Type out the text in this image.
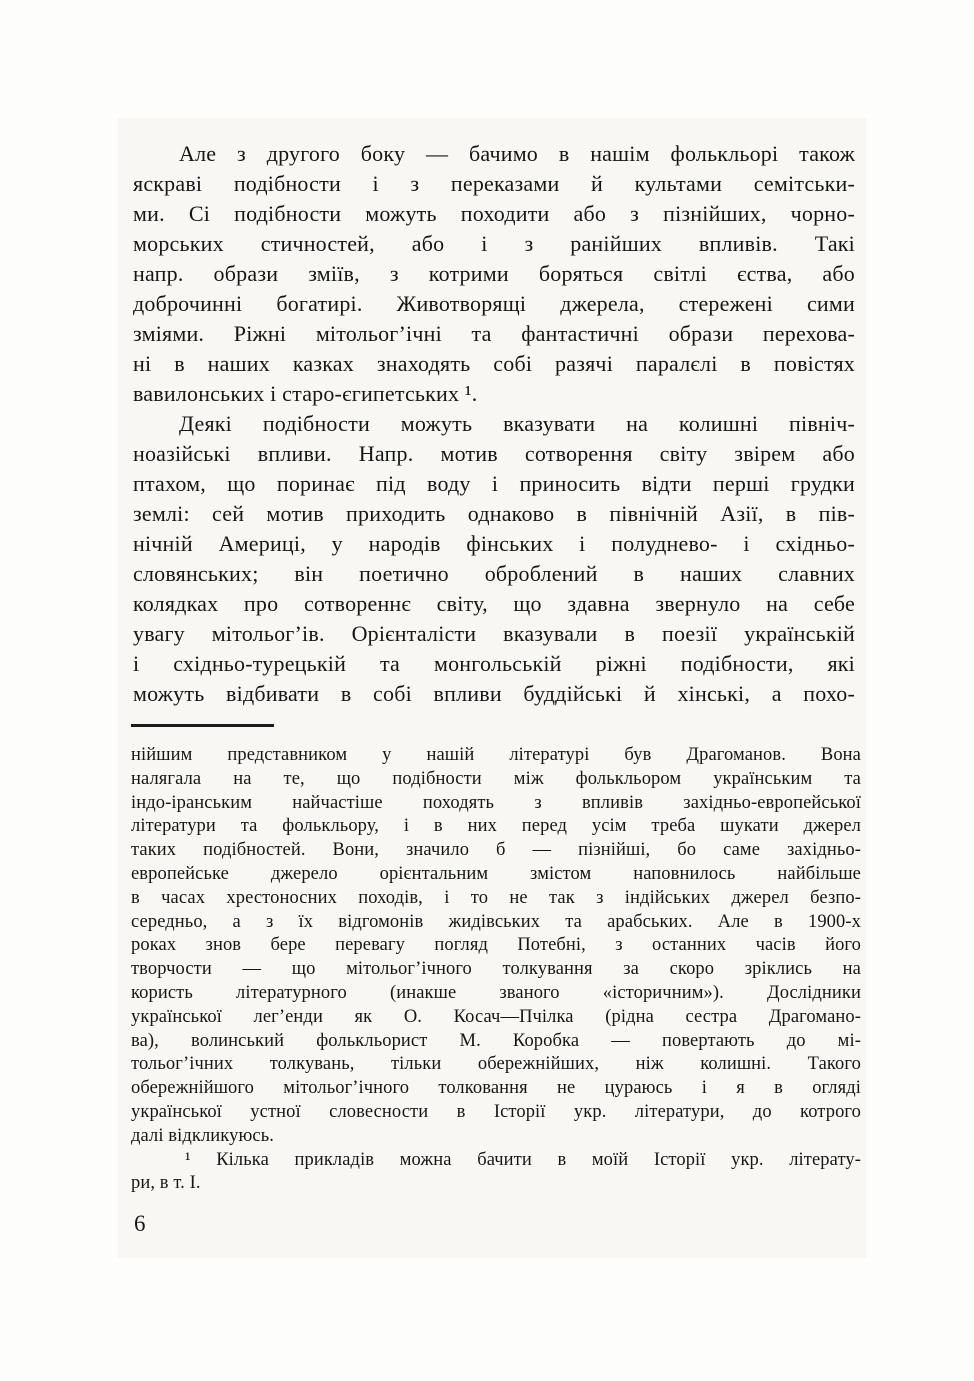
Але з другого боку — бачимо в нашім фолькльорі також
яскраві подібности і з переказами й культами семітськи-
ми. Сі подібности можуть походити або з пізнійших, чорно-
морських стичностей, або і з ранійших впливів. Такі
напр. образи зміїв, з котрими боряться світлі єства, або
доброчинні богатирі. Животворящі джерела, стережені сими
зміями. Ріжні мітольог’ічні та фантастичні образи перехова-
ні в наших казках знаходять собі разячі паралєлі в повістях
вавилонських і старо-єгипетських ¹.
Деякі подібности можуть вказувати на колишні північ-
ноазійські впливи. Напр. мотив сотворення світу звірем або
птахом, що поринає під воду і приносить відти перші грудки
землі: сей мотив приходить однаково в північній Азії, в пів-
нічній Америці, у народів фінських і полуднево- і східньо-
словянських; він поетично оброблений в наших славних
колядках про сотвореннє світу, що здавна звернуло на себе
увагу мітольог’ів. Орієнталісти вказували в поезії українській
і східньо-турецькій та монгольській ріжні подібности, які
можуть відбивати в собі впливи буддійські й хінські, а похо-
нійшим представником у нашій літературі був Драгоманов. Вона
налягала на те, що подібности між фолькльором українським та
індо-іранським найчастіше походять з впливів західньо-европейської
літератури та фолькльору, і в них перед усім треба шукати джерел
таких подібностей. Вони, значило б — пізнійші, бо саме західньо-
европейське джерело орієнтальним змістом наповнилось найбільше
в часах хрестоносних походів, і то не так з індійських джерел безпо-
середньо, а з їх відгомонів жидівських та арабських. Але в 1900-х
роках знов бере перевагу погляд Потебні, з останних часів його
творчости — що мітольог’ічного толкування за скоро зріклись на
користь літературного (инакше званого «історичним»). Дослідники
української лег’енди як О. Косач—Пчілка (рідна сестра Драгомано-
ва), волинський фолькльорист М. Коробка — повертають до мі-
тольог’ічних толкувань, тільки обережнійших, ніж колишні. Такого
обережнійшого мітольог’ічного толковання не цураюсь і я в огляді
української устної словесности в Історії укр. літератури, до котрого
далі відкликуюсь.
¹ Кілька прикладів можна бачити в моїй Історії укр. літерату-
ри, в т. І.
6
